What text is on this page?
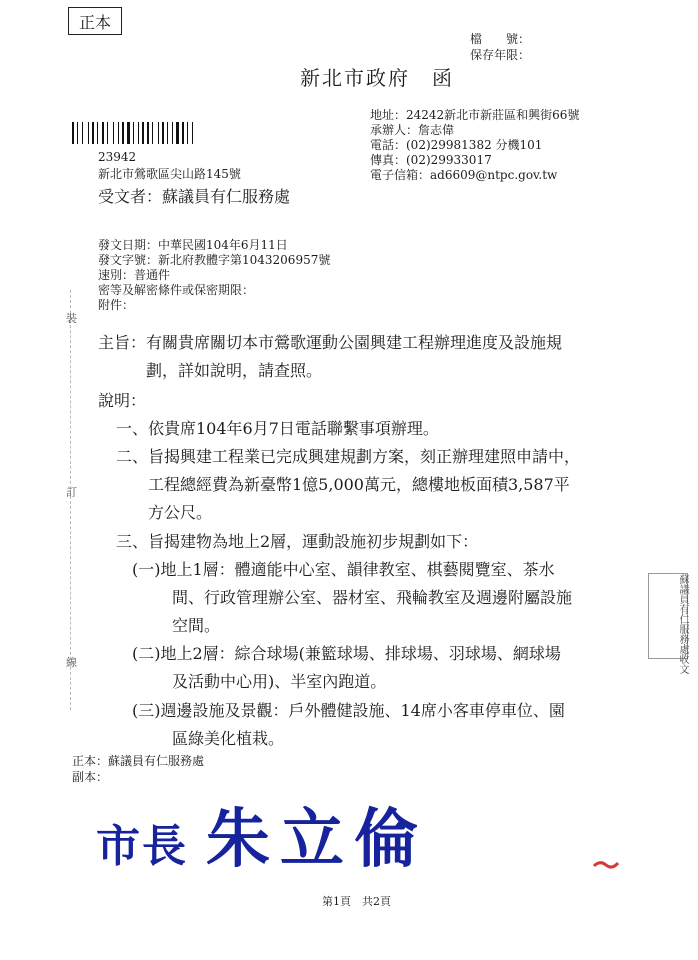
正本
檔　　號：
保存年限：
新北市政府　函
地址：24242新北市新莊區和興街66號
承辦人：詹志偉
電話：(02)29981382 分機101
傳真：(02)29933017
電子信箱：ad6609@ntpc.gov.tw
23942
新北市鶯歌區尖山路145號
受文者：蘇議員有仁服務處
發文日期：中華民國104年6月11日
發文字號：新北府教體字第1043206957號
速別：普通件
密等及解密條件或保密期限：
附件：
裝
訂
線
主旨：有關貴席關切本市鶯歌運動公園興建工程辦理進度及設施規
劃，詳如說明，請查照。
說明：
一、依貴席104年6月7日電話聯繫事項辦理。
二、旨揭興建工程業已完成興建規劃方案，刻正辦理建照申請中，
工程總經費為新臺幣1億5,000萬元，總樓地板面積3,587平
方公尺。
三、旨揭建物為地上2層，運動設施初步規劃如下：
(一)地上1層：體適能中心室、韻律教室、棋藝閱覽室、茶水
間、行政管理辦公室、器材室、飛輪教室及週邊附屬設施
空間。
(二)地上2層：綜合球場(兼籃球場、排球場、羽球場、網球場
及活動中心用)、半室內跑道。
(三)週邊設施及景觀：戶外體健設施、14席小客車停車位、園
區綠美化植栽。
蘇議員有仁服務處收文
正本：蘇議員有仁服務處
副本：
市長 朱立倫
第1頁　共2頁
